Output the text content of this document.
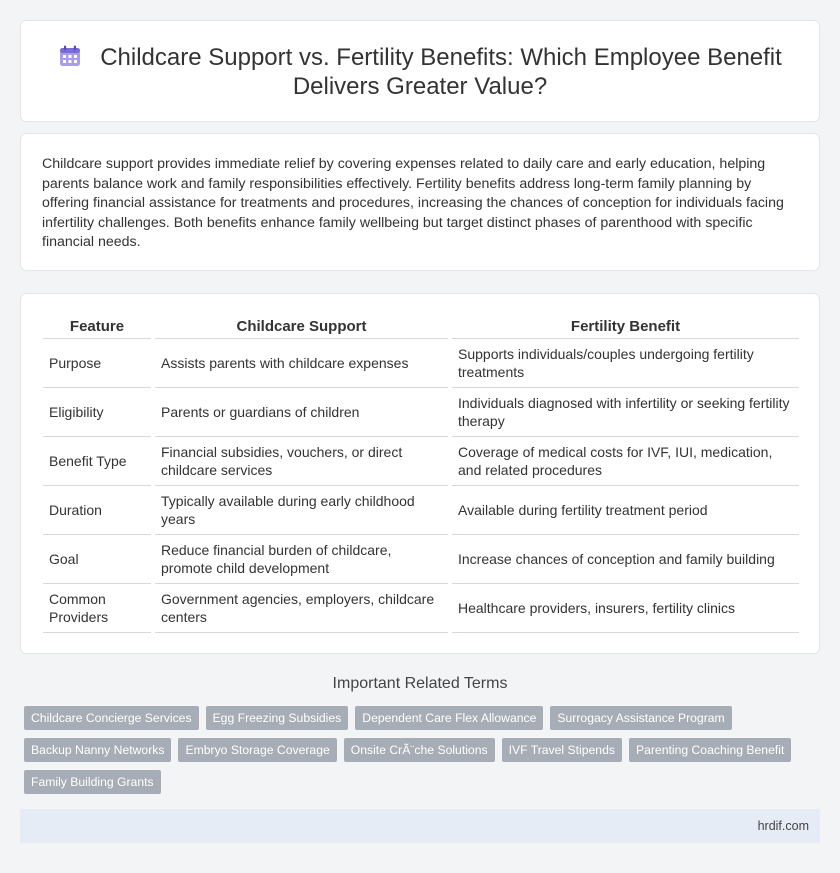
Childcare Support vs. Fertility Benefits: Which Employee Benefit Delivers Greater Value?

Childcare support provides immediate relief by covering expenses related to daily care and early education, helping parents balance work and family responsibilities effectively. Fertility benefits address long-term family planning by offering financial assistance for treatments and procedures, increasing the chances of conception for individuals facing infertility challenges. Both benefits enhance family wellbeing but target distinct phases of parenthood with specific financial needs.

Feature	Childcare Support	Fertility Benefit
Purpose	Assists parents with childcare expenses	Supports individuals/couples undergoing fertility treatments
Eligibility	Parents or guardians of children	Individuals diagnosed with infertility or seeking fertility therapy
Benefit Type	Financial subsidies, vouchers, or direct childcare services	Coverage of medical costs for IVF, IUI, medication, and related procedures
Duration	Typically available during early childhood years	Available during fertility treatment period
Goal	Reduce financial burden of childcare, promote child development	Increase chances of conception and family building
Common Providers	Government agencies, employers, childcare centers	Healthcare providers, insurers, fertility clinics
Important Related Terms
Childcare Concierge Services	Egg Freezing Subsidies	Dependent Care Flex Allowance	Surrogacy Assistance Program
Backup Nanny Networks	Embryo Storage Coverage	Onsite CrÃ¨che Solutions	IVF Travel Stipends	Parenting Coaching Benefit
Family Building Grants
hrdif.com
